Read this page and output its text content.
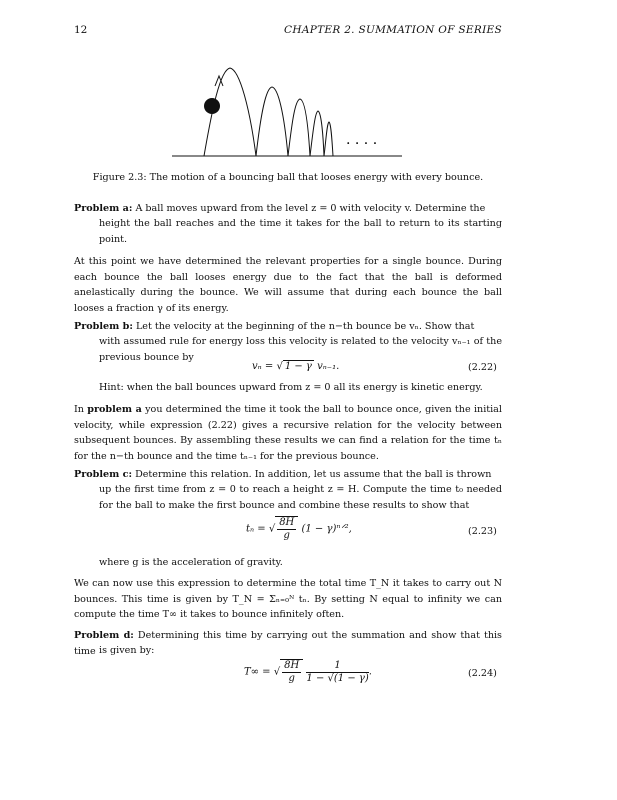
12	CHAPTER 2. SUMMATION OF SERIES
. . . .
Figure 2.3: The motion of a bouncing ball that looses energy with every bounce.

Problem a: A ball moves upward from the level z = 0 with velocity v. Determine the

height the ball reaches and the time it takes for the ball to return to its starting point.

At this point we have determined the relevant properties for a single bounce. During each bounce the ball looses energy due to the fact that the ball is deformed anelastically during the bounce. We will assume that during each bounce the ball looses a fraction γ of its energy.

Problem b: Let the velocity at the beginning of the n−th bounce be vₙ. Show that

with assumed rule for energy loss this velocity is related to the velocity vₙ₋₁ of the previous bounce by

vₙ = √ 1 − γ vₙ₋₁.	(2.22)

Hint: when the ball bounces upward from z = 0 all its energy is kinetic energy.

In problem a you determined the time it took the ball to bounce once, given the initial velocity, while expression (2.22) gives a recursive relation for the velocity between subsequent bounces. By assembling these results we can find a relation for the time tₙ for the n−th bounce and the time tₙ₋₁ for the previous bounce.

Problem c: Determine this relation. In addition, let us assume that the ball is thrown

up the first time from z = 0 to reach a height z = H. Compute the time t₀ needed for the ball to make the first bounce and combine these results to show that

tₙ = √ $\frac{8H}{g} (1$ − γ)ⁿᐟ²,	(2.23)

where g is the acceleration of gravity.

We can now use this expression to determine the total time T_N it takes to carry out N bounces. This time is given by T_N = Σₙ₌₀ᴺ tₙ. By setting N equal to infinity we can compute the time T∞ it takes to bounce infinitely often.

Problem d: Determining this time by carrying out the summation and show that this time is given by:

T∞ = √ $\frac{8H}{g}$
$\frac{1}{1 - √(1 - \gamma)}$ .	(2.24)
